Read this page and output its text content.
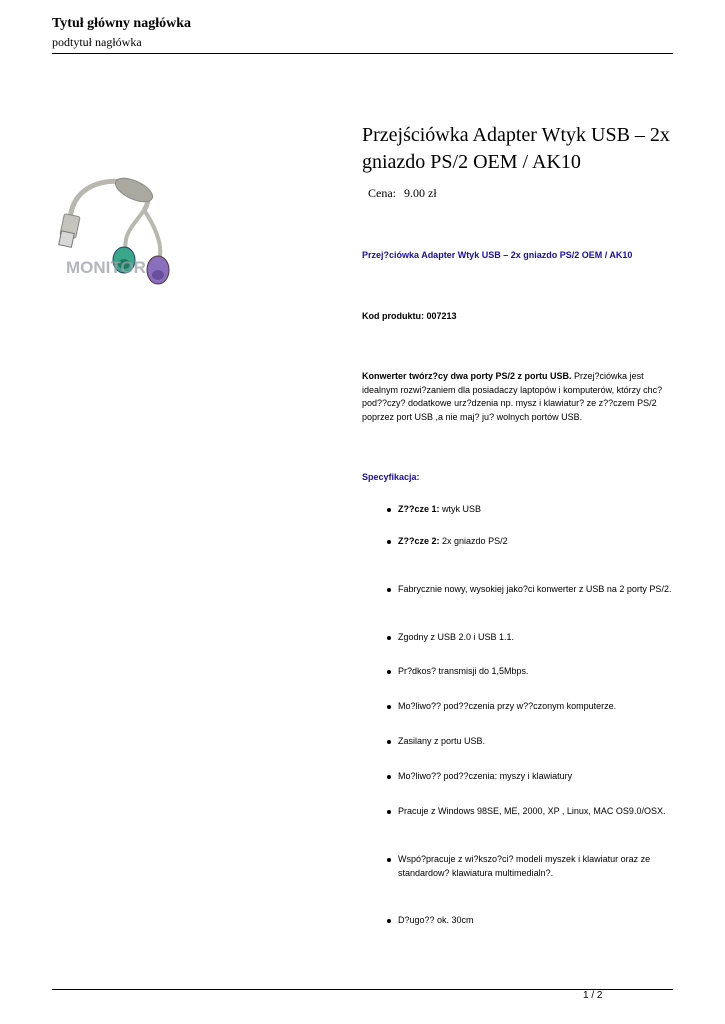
Tytuł główny nagłówka
podtytuł nagłówka
MONITOR
Przejściówka Adapter Wtyk USB – 2x gniazdo PS/2 OEM / AK10
Cena: 9.00 zł
Przej?ciówka Adapter Wtyk USB – 2x gniazdo PS/2 OEM / AK10
Kod produktu: 007213
Konwerter twórz?cy dwa porty PS/2 z portu USB. Przej?ciówka jest idealnym rozwi?zaniem dla posiadaczy laptopów i komputerów, którzy chc? pod??czy? dodatkowe urz?dzenia np. mysz i klawiatur? ze z??czem PS/2 poprzez port USB ,a nie maj? ju? wolnych portów USB.
Specyfikacja:
Z??cze 1: wtyk USB
Z??cze 2: 2x gniazdo PS/2
Fabrycznie nowy, wysokiej jako?ci konwerter z USB na 2 porty PS/2.
Zgodny z USB 2.0 i USB 1.1.
Pr?dkos? transmisji do 1,5Mbps.
Mo?liwo?? pod??czenia przy w??czonym komputerze.
Zasilany z portu USB.
Mo?liwo?? pod??czenia: myszy i klawiatury
Pracuje z Windows 98SE, ME, 2000, XP , Linux, MAC OS9.0/OSX.
Wspó?pracuje z wi?kszo?ci? modeli myszek i klawiatur oraz ze standardow? klawiatura multimedialn?.
D?ugo?? ok. 30cm
1 / 2
